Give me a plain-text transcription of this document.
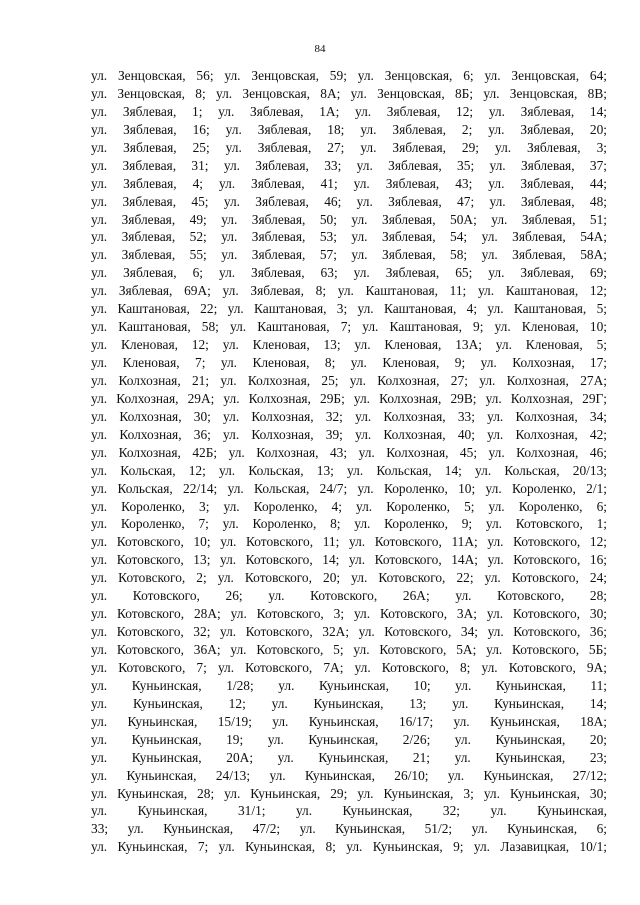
84
ул. Зенцовская, 56; ул. Зенцовская, 59; ул. Зенцовская, 6; ул. Зенцовская, 64;
ул. Зенцовская, 8; ул. Зенцовская, 8А; ул. Зенцовская, 8Б; ул. Зенцовская, 8В;
ул. Зяблевая, 1; ул. Зяблевая, 1А; ул. Зяблевая, 12; ул. Зяблевая, 14;
ул. Зяблевая, 16; ул. Зяблевая, 18; ул. Зяблевая, 2; ул. Зяблевая, 20;
ул. Зяблевая, 25; ул. Зяблевая, 27; ул. Зяблевая, 29; ул. Зяблевая, 3;
ул. Зяблевая, 31; ул. Зяблевая, 33; ул. Зяблевая, 35; ул. Зяблевая, 37;
ул. Зяблевая, 4; ул. Зяблевая, 41; ул. Зяблевая, 43; ул. Зяблевая, 44;
ул. Зяблевая, 45; ул. Зяблевая, 46; ул. Зяблевая, 47; ул. Зяблевая, 48;
ул. Зяблевая, 49; ул. Зяблевая, 50; ул. Зяблевая, 50А; ул. Зяблевая, 51;
ул. Зяблевая, 52; ул. Зяблевая, 53; ул. Зяблевая, 54; ул. Зяблевая, 54А;
ул. Зяблевая, 55; ул. Зяблевая, 57; ул. Зяблевая, 58; ул. Зяблевая, 58А;
ул. Зяблевая, 6; ул. Зяблевая, 63; ул. Зяблевая, 65; ул. Зяблевая, 69;
ул. Зяблевая, 69А; ул. Зяблевая, 8; ул. Каштановая, 11; ул. Каштановая, 12;
ул. Каштановая, 22; ул. Каштановая, 3; ул. Каштановая, 4; ул. Каштановая, 5;
ул. Каштановая, 58; ул. Каштановая, 7; ул. Каштановая, 9; ул. Кленовая, 10;
ул. Кленовая, 12; ул. Кленовая, 13; ул. Кленовая, 13А; ул. Кленовая, 5;
ул. Кленовая, 7; ул. Кленовая, 8; ул. Кленовая, 9; ул. Колхозная, 17;
ул. Колхозная, 21; ул. Колхозная, 25; ул. Колхозная, 27; ул. Колхозная, 27А;
ул. Колхозная, 29А; ул. Колхозная, 29Б; ул. Колхозная, 29В; ул. Колхозная, 29Г;
ул. Колхозная, 30; ул. Колхозная, 32; ул. Колхозная, 33; ул. Колхозная, 34;
ул. Колхозная, 36; ул. Колхозная, 39; ул. Колхозная, 40; ул. Колхозная, 42;
ул. Колхозная, 42Б; ул. Колхозная, 43; ул. Колхозная, 45; ул. Колхозная, 46;
ул. Кольская, 12; ул. Кольская, 13; ул. Кольская, 14; ул. Кольская, 20/13;
ул. Кольская, 22/14; ул. Кольская, 24/7; ул. Короленко, 10; ул. Короленко, 2/1;
ул. Короленко, 3; ул. Короленко, 4; ул. Короленко, 5; ул. Короленко, 6;
ул. Короленко, 7; ул. Короленко, 8; ул. Короленко, 9; ул. Котовского, 1;
ул. Котовского, 10; ул. Котовского, 11; ул. Котовского, 11А; ул. Котовского, 12;
ул. Котовского, 13; ул. Котовского, 14; ул. Котовского, 14А; ул. Котовского, 16;
ул. Котовского, 2; ул. Котовского, 20; ул. Котовского, 22; ул. Котовского, 24;
ул. Котовского, 26; ул. Котовского, 26А; ул. Котовского, 28;
ул. Котовского, 28А; ул. Котовского, 3; ул. Котовского, 3А; ул. Котовского, 30;
ул. Котовского, 32; ул. Котовского, 32А; ул. Котовского, 34; ул. Котовского, 36;
ул. Котовского, 36А; ул. Котовского, 5; ул. Котовского, 5А; ул. Котовского, 5Б;
ул. Котовского, 7; ул. Котовского, 7А; ул. Котовского, 8; ул. Котовского, 9А;
ул. Куньинская, 1/28; ул. Куньинская, 10; ул. Куньинская, 11;
ул. Куньинская, 12; ул. Куньинская, 13; ул. Куньинская, 14;
ул. Куньинская, 15/19; ул. Куньинская, 16/17; ул. Куньинская, 18А;
ул. Куньинская, 19; ул. Куньинская, 2/26; ул. Куньинская, 20;
ул. Куньинская, 20А; ул. Куньинская, 21; ул. Куньинская, 23;
ул. Куньинская, 24/13; ул. Куньинская, 26/10; ул. Куньинская, 27/12;
ул. Куньинская, 28; ул. Куньинская, 29; ул. Куньинская, 3; ул. Куньинская, 30;
ул. Куньинская, 31/1; ул. Куньинская, 32; ул. Куньинская,
33; ул. Куньинская, 47/2; ул. Куньинская, 51/2; ул. Куньинская, 6;
ул. Куньинская, 7; ул. Куньинская, 8; ул. Куньинская, 9; ул. Лазавицкая, 10/1;
